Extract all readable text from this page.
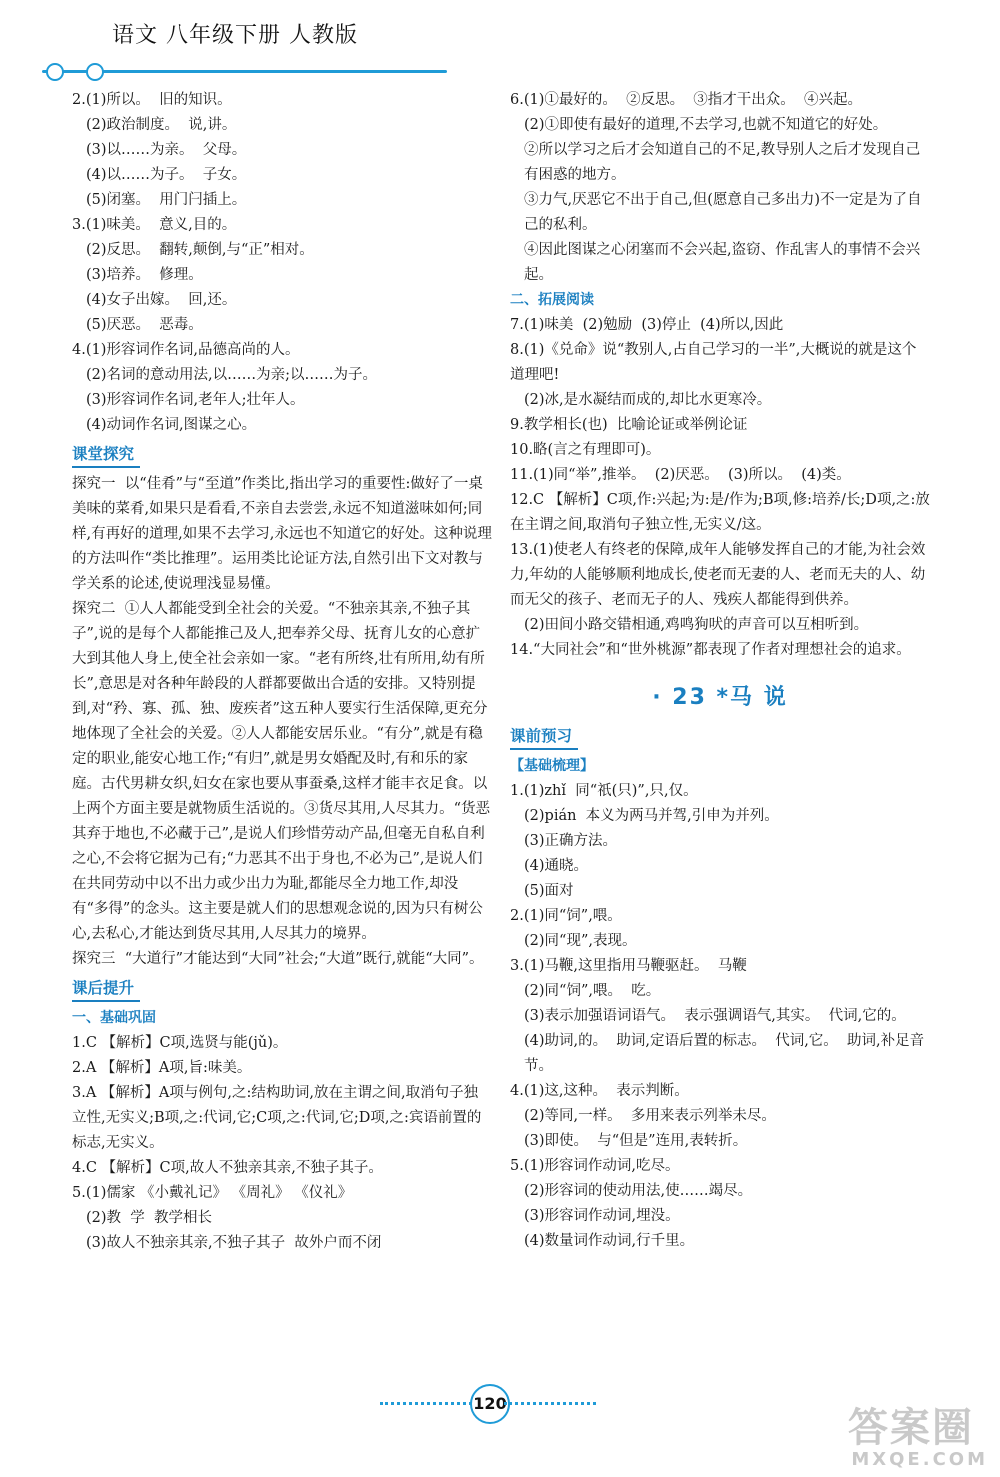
语文 八年级下册 人教版
2.(1)所以。  旧的知识。
(2)政治制度。  说,讲。
(3)以……为亲。  父母。
(4)以……为子。  子女。
(5)闭塞。  用门闩插上。
3.(1)味美。  意义,目的。
(2)反思。  翻转,颠倒,与“正”相对。
(3)培养。  修理。
(4)女子出嫁。  回,还。
(5)厌恶。  恶毒。
4.(1)形容词作名词,品德高尚的人。
(2)名词的意动用法,以……为亲;以……为子。
(3)形容词作名词,老年人;壮年人。
(4)动词作名词,图谋之心。
课堂探究
探究一  以“佳肴”与“至道”作类比,指出学习的重要性:做好了一桌美味的菜肴,如果只是看看,不亲自去尝尝,永远不知道滋味如何;同样,有再好的道理,如果不去学习,永远也不知道它的好处。这种说理的方法叫作“类比推理”。运用类比论证方法,自然引出下文对教与学关系的论述,使说理浅显易懂。
探究二  ①人人都能受到全社会的关爱。“不独亲其亲,不独子其子”,说的是每个人都能推己及人,把奉养父母、抚育儿女的心意扩大到其他人身上,使全社会亲如一家。“老有所终,壮有所用,幼有所长”,意思是对各种年龄段的人群都要做出合适的安排。又特别提到,对“矜、寡、孤、独、废疾者”这五种人要实行生活保障,更充分地体现了全社会的关爱。②人人都能安居乐业。“有分”,就是有稳定的职业,能安心地工作;“有归”,就是男女婚配及时,有和乐的家庭。古代男耕女织,妇女在家也要从事蚕桑,这样才能丰衣足食。以上两个方面主要是就物质生活说的。③货尽其用,人尽其力。“货恶其弃于地也,不必藏于己”,是说人们珍惜劳动产品,但毫无自私自利之心,不会将它据为己有;“力恶其不出于身也,不必为己”,是说人们在共同劳动中以不出力或少出力为耻,都能尽全力地工作,却没有“多得”的念头。这主要是就人们的思想观念说的,因为只有树公心,去私心,才能达到货尽其用,人尽其力的境界。
探究三  “大道行”才能达到“大同”社会;“大道”既行,就能“大同”。
课后提升
一、基础巩固
1.C 【解析】C项,选贤与能(jǔ)。
2.A 【解析】A项,旨:味美。
3.A 【解析】A项与例句,之:结构助词,放在主谓之间,取消句子独立性,无实义;B项,之:代词,它;C项,之:代词,它;D项,之:宾语前置的标志,无实义。
4.C 【解析】C项,故人不独亲其亲,不独子其子。
5.(1)儒家 《小戴礼记》 《周礼》 《仪礼》
(2)教  学  教学相长
(3)故人不独亲其亲,不独子其子  故外户而不闭
6.(1)①最好的。  ②反思。  ③指才干出众。  ④兴起。
(2)①即使有最好的道理,不去学习,也就不知道它的好处。
②所以学习之后才会知道自己的不足,教导别人之后才发现自己有困惑的地方。
③力气,厌恶它不出于自己,但(愿意自己多出力)不一定是为了自己的私利。
④因此图谋之心闭塞而不会兴起,盗窃、作乱害人的事情不会兴起。
二、拓展阅读
7.(1)味美  (2)勉励  (3)停止  (4)所以,因此
8.(1)《兑命》说“教别人,占自己学习的一半”,大概说的就是这个道理吧!
(2)冰,是水凝结而成的,却比水更寒冷。
9.教学相长(也)  比喻论证或举例论证
10.略(言之有理即可)。
11.(1)同“举”,推举。  (2)厌恶。  (3)所以。  (4)类。
12.C 【解析】C项,作:兴起;为:是/作为;B项,修:培养/长;D项,之:放在主谓之间,取消句子独立性,无实义/这。
13.(1)使老人有终老的保障,成年人能够发挥自己的才能,为社会效力,年幼的人能够顺利地成长,使老而无妻的人、老而无夫的人、幼而无父的孩子、老而无子的人、残疾人都能得到供养。
(2)田间小路交错相通,鸡鸣狗吠的声音可以互相听到。
14.“大同社会”和“世外桃源”都表现了作者对理想社会的追求。
· 23 *马 说
课前预习
【基础梳理】
1.(1)zhǐ  同“祇(只)”,只,仅。
(2)pián  本义为两马并驾,引申为并列。
(3)正确方法。
(4)通晓。
(5)面对
2.(1)同“饲”,喂。
(2)同“现”,表现。
3.(1)马鞭,这里指用马鞭驱赶。  马鞭
(2)同“饲”,喂。  吃。
(3)表示加强语词语气。  表示强调语气,其实。  代词,它的。
(4)助词,的。  助词,定语后置的标志。  代词,它。  助词,补足音节。
4.(1)这,这种。  表示判断。
(2)等同,一样。  多用来表示列举未尽。
(3)即使。  与“但是”连用,表转折。
5.(1)形容词作动词,吃尽。
(2)形容词的使动用法,使……竭尽。
(3)形容词作动词,埋没。
(4)数量词作动词,行千里。
120
答案圈
MXQE.COM
